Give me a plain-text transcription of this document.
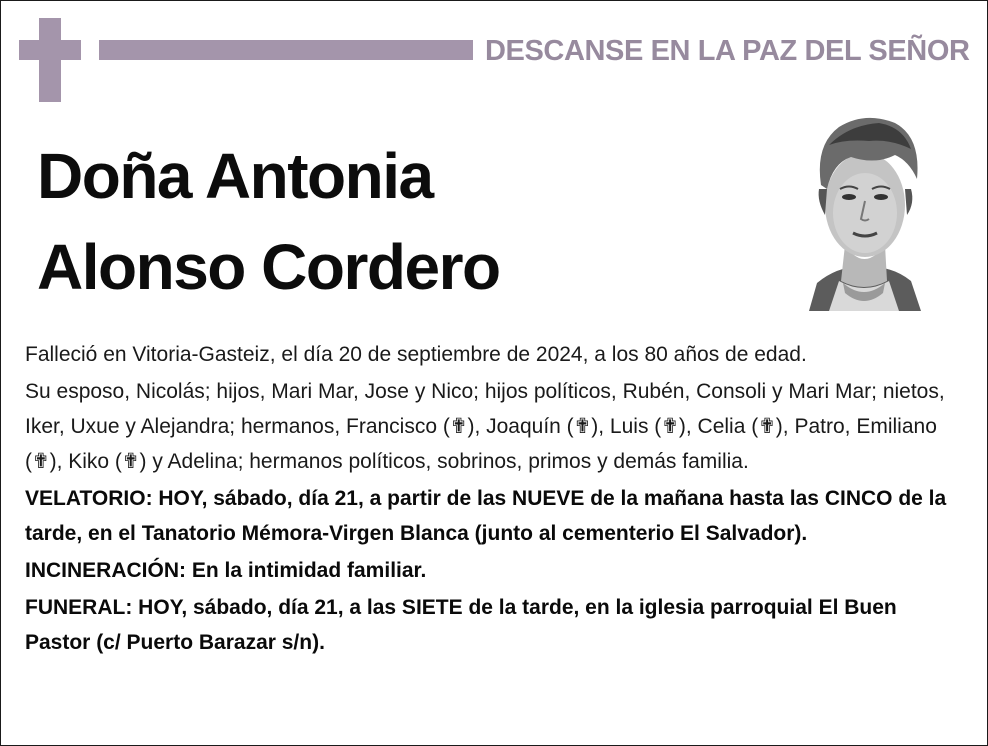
DESCANSE EN LA PAZ DEL SEÑOR
Doña Antonia
Alonso Cordero

Falleció en Vitoria-Gasteiz, el día 20 de septiembre de 2024, a los 80 años de edad.

Su esposo, Nicolás; hijos, Mari Mar, Jose y Nico; hijos políticos, Rubén, Consoli y Mari Mar; nietos, Iker, Uxue y Alejandra; hermanos, Francisco (✟), Joaquín (✟), Luis (✟), Celia (✟), Patro, Emiliano (✟), Kiko (✟) y Adelina; hermanos políticos, sobrinos, primos y demás familia.

VELATORIO: HOY, sábado, día 21, a partir de las NUEVE de la mañana hasta las CINCO de la tarde, en el Tanatorio Mémora-Virgen Blanca (junto al cementerio El Salvador).

INCINERACIÓN: En la intimidad familiar.

FUNERAL: HOY, sábado, día 21, a las SIETE de la tarde, en la iglesia parroquial El Buen Pastor (c/ Puerto Barazar s/n).
